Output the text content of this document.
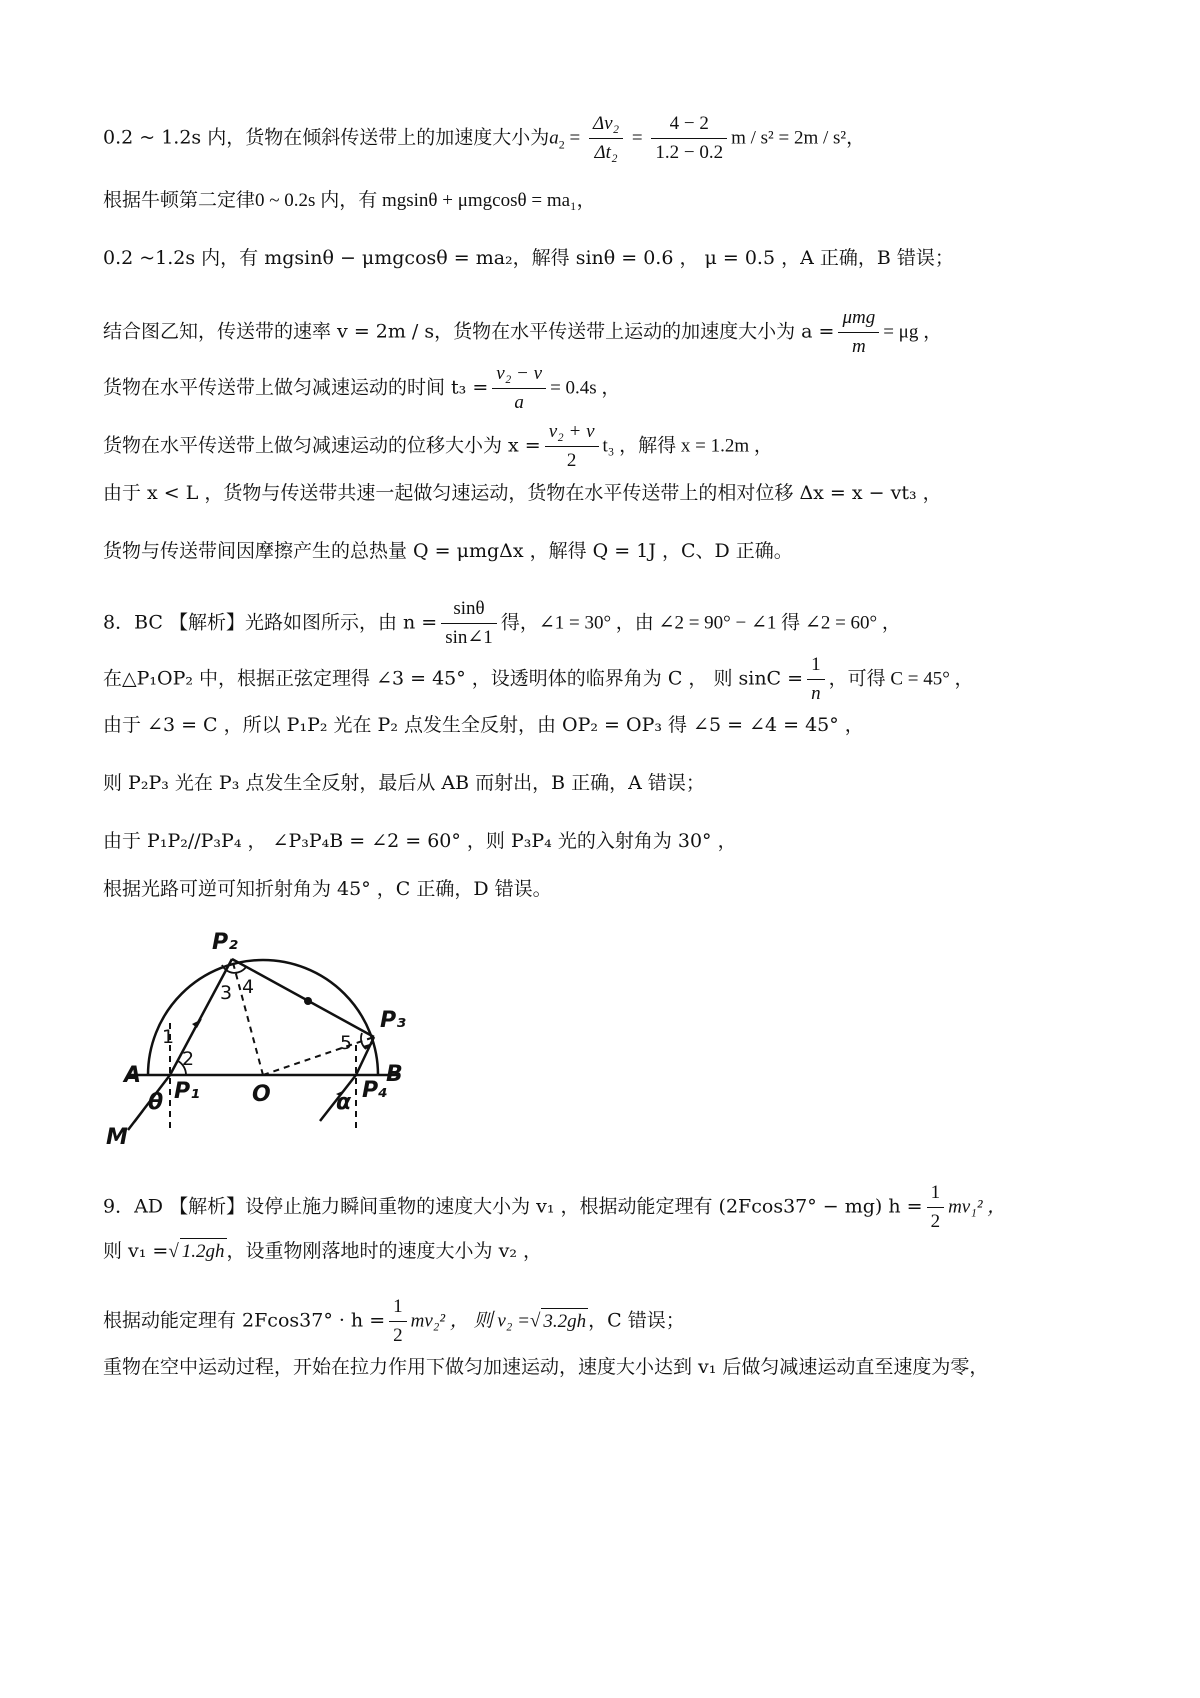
0.2 ~ 1.2s 内，货物在倾斜传送带上的加速度大小为$a_2 = \frac{\text{Δv₂}}{\text{Δt₂}} = \frac{4 - 2}{1.2 - 0.2}$ m / s² = 2m / s²，
根据牛顿第二定律0 ~ 0.2s 内，有 mgsinθ + μmgcosθ = ma₁，
0.2 ~1.2s 内，有 mgsinθ − μmgcosθ = ma₂，解得 sinθ = 0.6 ， μ = 0.5 ，A 正确，B 错误；
结合图乙知，传送带的速率 v = 2m / s，货物在水平传送带上运动的加速度大小为 $a = \frac{\text{μmg}}{m} = \mu g$ ，
货物在水平传送带上做匀减速运动的时间 $t_3 = \frac{\text{v₂ − v}}{a} = 0.4s$ ，
货物在水平传送带上做匀减速运动的位移大小为 $x = \frac{\text{v₂ + v}}{2} t_3$ ，解得 x = 1.2m ，
由于 x < L ，货物与传送带共速一起做匀速运动，货物在水平传送带上的相对位移 Δx = x − vt₃ ，
货物与传送带间因摩擦产生的总热量 Q = μmgΔx ，解得 Q = 1J ，C、D 正确。
8．BC 【解析】光路如图所示，由 $n = \frac{\sin\theta}{\sin\angle 1}$ 得，∠1 = 30° ，由 ∠2 = 90° − ∠1 得 ∠2 = 60° ，
在△P₁OP₂ 中，根据正弦定理得 ∠3 = 45° ，设透明体的临界角为 C ， 则 $\sin C = \frac{1}{n}$ ，可得 C = 45° ，
由于 ∠3 = C ，所以 P₁P₂ 光在 P₂ 点发生全反射，由 OP₂ = OP₃ 得 ∠5 = ∠4 = 45° ，
则 P₂P₃ 光在 P₃ 点发生全反射，最后从 AB 而射出，B 正确，A 错误；
由于 P₁P₂//P₃P₄ ， ∠P₃P₄B = ∠2 = 60° ，则 P₃P₄ 光的入射角为 30° ，
根据光路可逆可知折射角为 45° ，C 正确，D 错误。
P₂
P₃
P₁	P₄
A	B
O
M
θ	α
1
2
3 4
5
9．AD 【解析】设停止施力瞬间重物的速度大小为 v₁ ，根据动能定理有 (2Fcos37° − mg) $h = \frac{1}{2} mv_1^2$ ，
则 v₁ =√ 1.2gh ，设重物刚落地时的速度大小为 v₂ ，
根据动能定理有 $2Fcos37^\circ \cdot h = \frac{1}{2} mv_2^2$ ， 则 v₂ =√ 3.2gh ，C 错误；
重物在空中运动过程，开始在拉力作用下做匀加速运动，速度大小达到 v₁ 后做匀减速运动直至速度为零，
